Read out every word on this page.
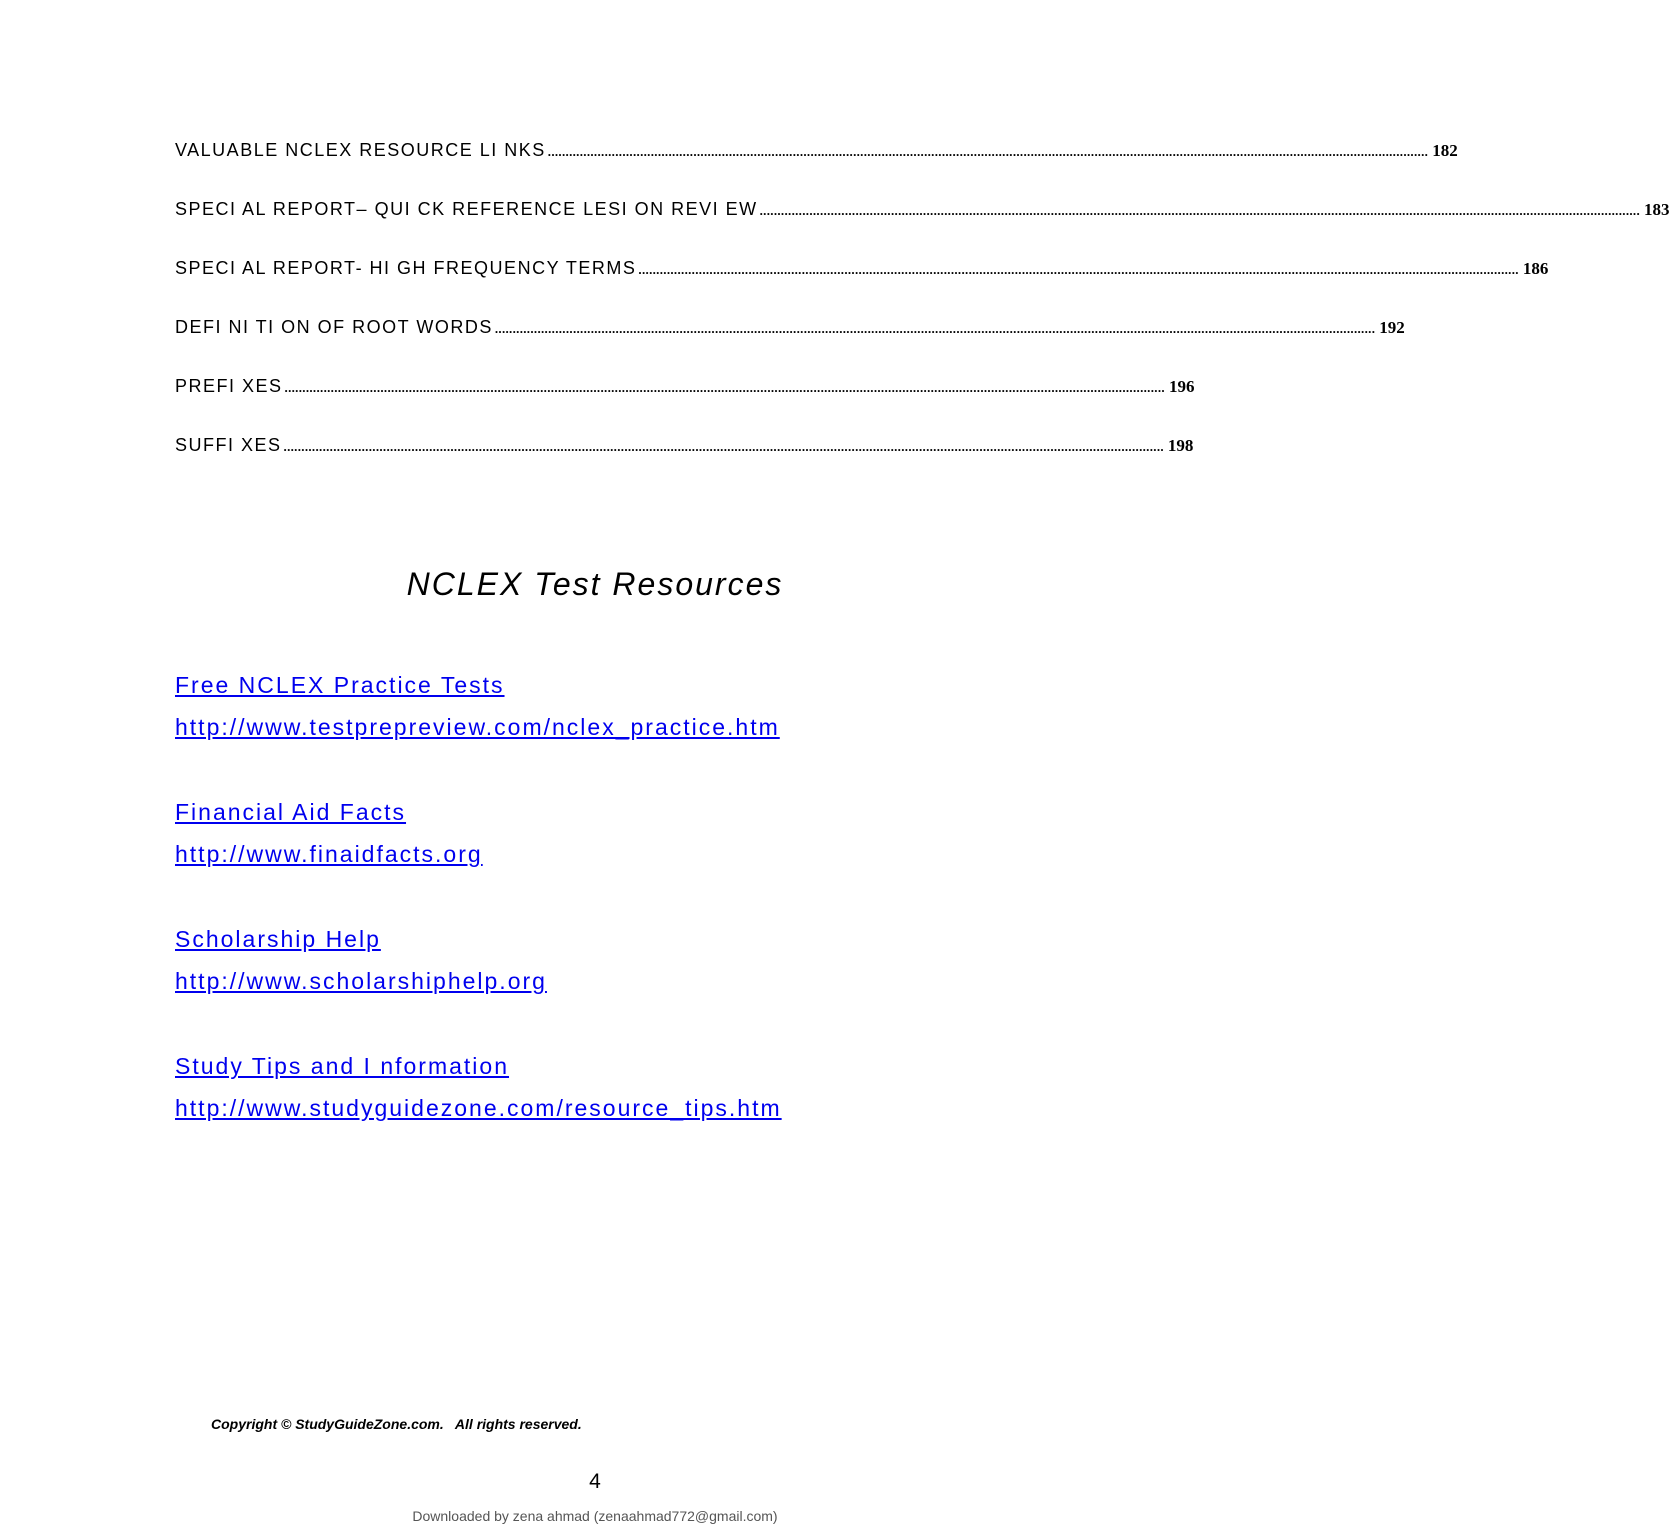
VALUABLE NCLEX RESOURCE LI NKS ........................................................................................................................................................................................................................................................ 182
SPECI AL REPORT– QUI CK REFERENCE LESI ON REVI EW ........................................................................................................................................................................................................................................................ 183
SPECI AL REPORT- HI GH FREQUENCY TERMS ........................................................................................................................................................................................................................................................ 186
DEFI NI TI ON OF ROOT WORDS ........................................................................................................................................................................................................................................................ 192
PREFI XES ........................................................................................................................................................................................................................................................ 196
SUFFI XES ........................................................................................................................................................................................................................................................ 198
NCLEX Test Resources
Free NCLEX Practice Tests
http://www.testprepreview.com/nclex_practice.htm
Financial Aid Facts
http://www.finaidfacts.org
Scholarship Help
http://www.scholarshiphelp.org
Study Tips and I nformation
http://www.studyguidezone.com/resource_tips.htm
Copyright © StudyGuideZone.com.   All rights reserved.
4
Downloaded by zena ahmad (zenaahmad772@gmail.com)
